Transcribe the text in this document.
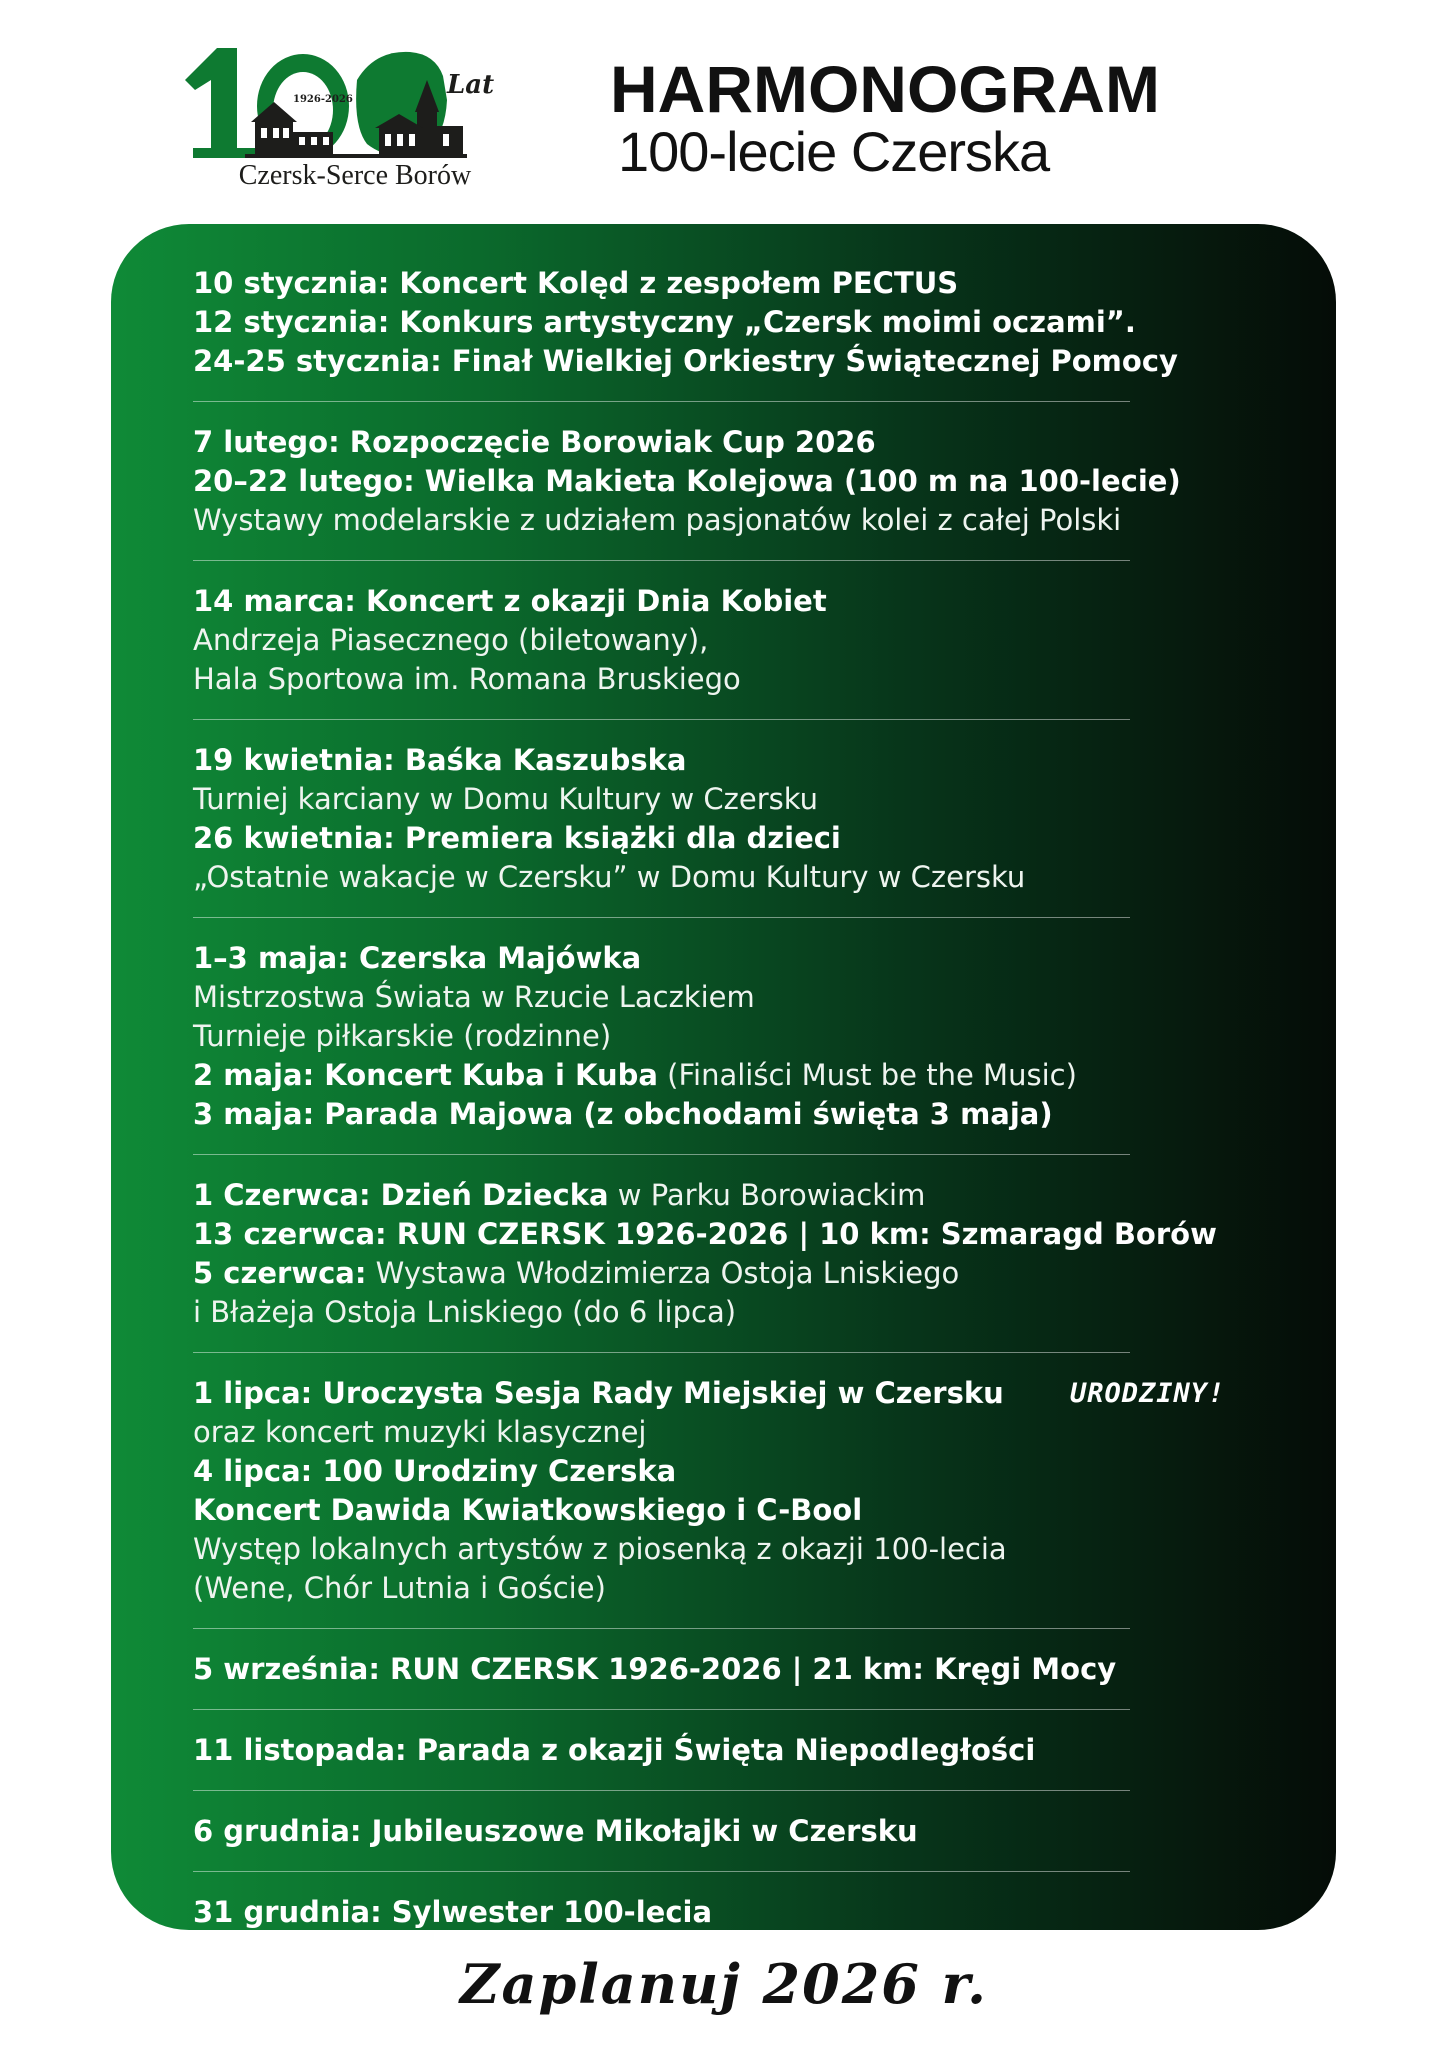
Lat
1926-2026
Czersk-Serce Borów
HARMONOGRAM
100-lecie Czerska
10 stycznia: Koncert Kolęd z zespołem PECTUS
12 stycznia: Konkurs artystyczny „Czersk moimi oczami”.
24-25 stycznia: Finał Wielkiej Orkiestry Świątecznej Pomocy
7 lutego: Rozpoczęcie Borowiak Cup 2026
20–22 lutego: Wielka Makieta Kolejowa (100 m na 100-lecie)
Wystawy modelarskie z udziałem pasjonatów kolei z całej Polski
14 marca: Koncert z okazji Dnia Kobiet
Andrzeja Piasecznego (biletowany),
Hala Sportowa im. Romana Bruskiego
19 kwietnia: Baśka Kaszubska
Turniej karciany w Domu Kultury w Czersku
26 kwietnia: Premiera książki dla dzieci
„Ostatnie wakacje w Czersku” w Domu Kultury w Czersku
1–3 maja: Czerska Majówka
Mistrzostwa Świata w Rzucie Laczkiem
Turnieje piłkarskie (rodzinne)
2 maja: Koncert Kuba i Kuba (Finaliści Must be the Music)
3 maja: Parada Majowa (z obchodami święta 3 maja)
1 Czerwca: Dzień Dziecka w Parku Borowiackim
13 czerwca: RUN CZERSK 1926-2026 | 10 km: Szmaragd Borów
5 czerwca: Wystawa Włodzimierza Ostoja Lniskiego
i Błażeja Ostoja Lniskiego (do 6 lipca)
1 lipca: Uroczysta Sesja Rady Miejskiej w Czersku
oraz koncert muzyki klasycznej
4 lipca: 100 Urodziny Czerska
Koncert Dawida Kwiatkowskiego i C-Bool
Występ lokalnych artystów z piosenką z okazji 100-lecia
(Wene, Chór Lutnia i Goście)
5 września: RUN CZERSK 1926-2026 | 21 km: Kręgi Mocy
11 listopada: Parada z okazji Święta Niepodległości
6 grudnia: Jubileuszowe Mikołajki w Czersku
31 grudnia: Sylwester 100-lecia
URODZINY!
Zaplanuj 2026 r.
